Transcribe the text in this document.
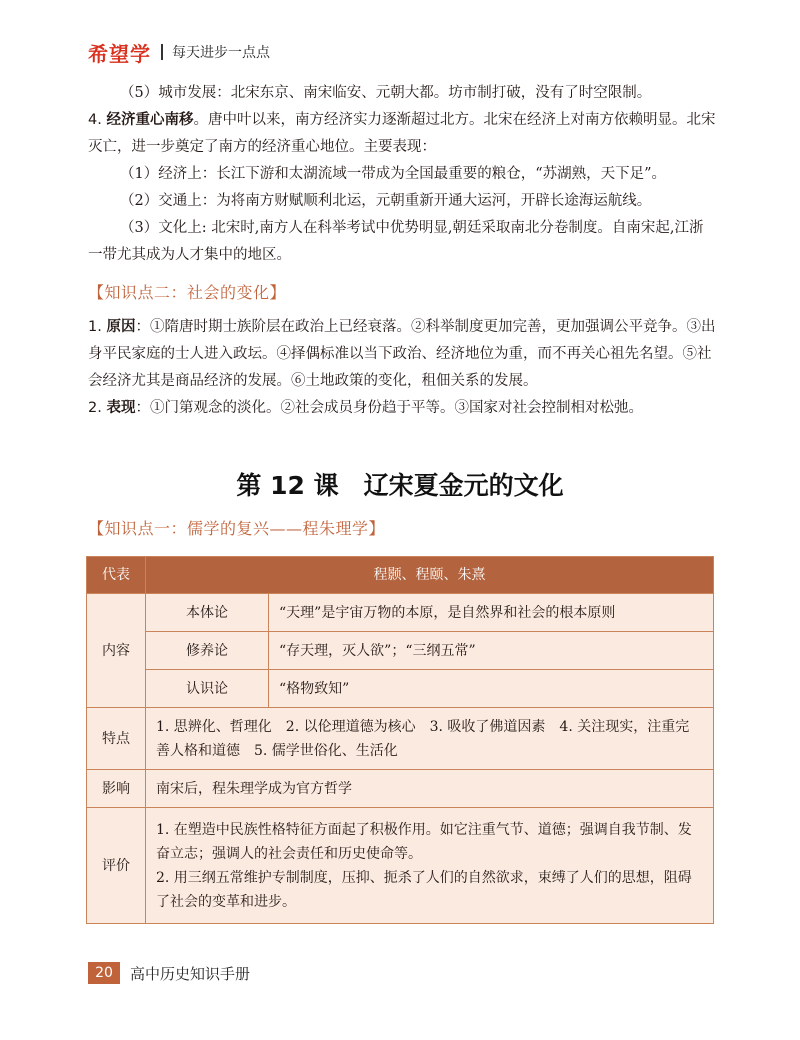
希望学 每天进步一点点

（5）城市发展：北宋东京、南宋临安、元朝大都。坊市制打破，没有了时空限制。

4. 经济重心南移。唐中叶以来，南方经济实力逐渐超过北方。北宋在经济上对南方依赖明显。北宋灭亡，进一步奠定了南方的经济重心地位。主要表现：

（1）经济上：长江下游和太湖流域一带成为全国最重要的粮仓，“苏湖熟，天下足”。

（2）交通上：为将南方财赋顺利北运，元朝重新开通大运河，开辟长途海运航线。

（3）文化上: 北宋时,南方人在科举考试中优势明显,朝廷采取南北分卷制度。自南宋起,江浙一带尤其成为人才集中的地区。

【知识点二：社会的变化】

1. 原因：①隋唐时期士族阶层在政治上已经衰落。②科举制度更加完善，更加强调公平竞争。③出身平民家庭的士人进入政坛。④择偶标准以当下政治、经济地位为重，而不再关心祖先名望。⑤社会经济尤其是商品经济的发展。⑥土地政策的变化，租佃关系的发展。

2. 表现：①门第观念的淡化。②社会成员身份趋于平等。③国家对社会控制相对松弛。

第 12 课　辽宋夏金元的文化
【知识点一：儒学的复兴——程朱理学】
代表	程颢、程颐、朱熹	
内容	本体论	“天理”是宇宙万物的本原，是自然界和社会的根本原则
	修养论	“存天理，灭人欲”；“三纲五常”
	认识论	“格物致知”
特点	1. 思辨化、哲理化　2. 以伦理道德为核心　3. 吸收了佛道因素　4. 关注现实，注重完善人格和道德　5. 儒学世俗化、生活化	
影响	南宋后，程朱理学成为官方哲学	
评价	1. 在塑造中民族性格特征方面起了积极作用。如它注重气节、道德；强调自我节制、发奋立志；强调人的社会责任和历史使命等。
2. 用三纲五常维护专制制度，压抑、扼杀了人们的自然欲求，束缚了人们的思想，阻碍了社会的变革和进步。	
20	高中历史知识手册
